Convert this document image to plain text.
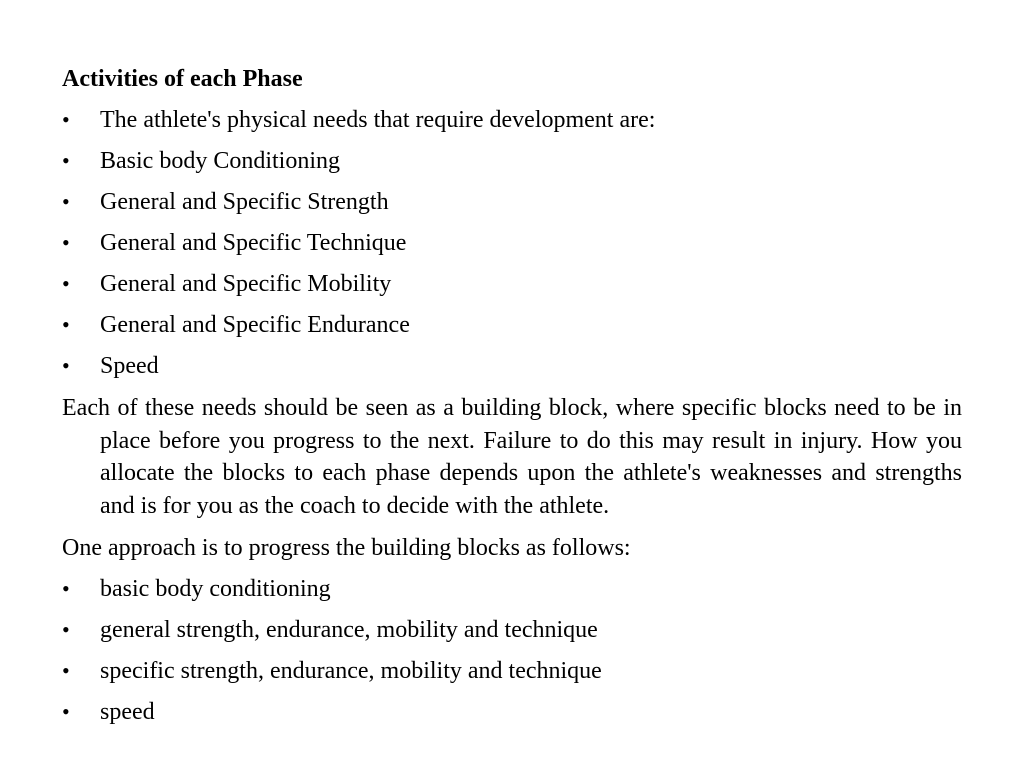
Activities of each Phase
•	The athlete's physical needs that require development are:
•	Basic body Conditioning
•	General and Specific Strength
•	General and Specific Technique
•	General and Specific Mobility
•	General and Specific Endurance
•	Speed
Each of these needs should be seen as a building block, where specific blocks need to be in place before you progress to the next. Failure to do this may result in injury. How you allocate the blocks to each phase depends upon the athlete's weaknesses and strengths and is for you as the coach to decide with the athlete.
One approach is to progress the building blocks as follows:
•	basic body conditioning
•	general strength, endurance, mobility and technique
•	specific strength, endurance, mobility and technique
•	speed
